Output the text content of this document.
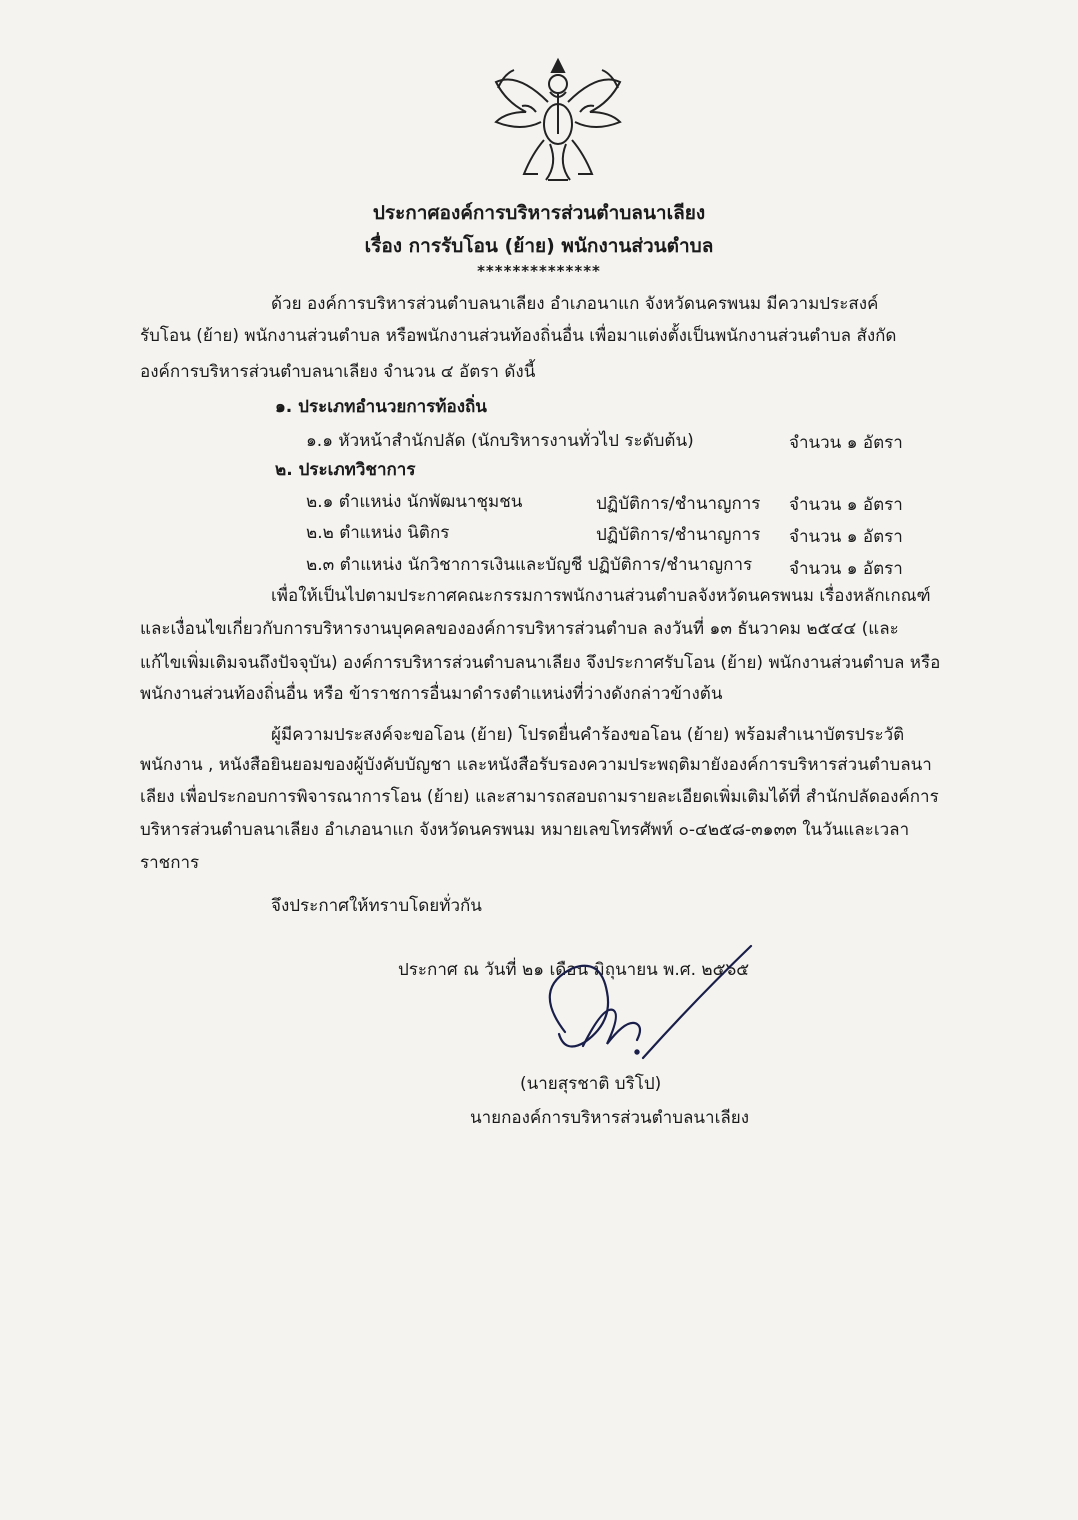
ประกาศองค์การบริหารส่วนตำบลนาเลียง
เรื่อง การรับโอน (ย้าย) พนักงานส่วนตำบล
**************
ด้วย องค์การบริหารส่วนตำบลนาเลียง อำเภอนาแก จังหวัดนครพนม มีความประสงค์
รับโอน (ย้าย) พนักงานส่วนตำบล หรือพนักงานส่วนท้องถิ่นอื่น เพื่อมาแต่งตั้งเป็นพนักงานส่วนตำบล สังกัด
องค์การบริหารส่วนตำบลนาเลียง จำนวน ๔ อัตรา ดังนี้
๑. ประเภทอำนวยการท้องถิ่น
๑.๑ หัวหน้าสำนักปลัด (นักบริหารงานทั่วไป ระดับต้น)	จำนวน ๑ อัตรา
๒. ประเภทวิชาการ
๒.๑ ตำแหน่ง นักพัฒนาชุมชน	ปฏิบัติการ/ชำนาญการ จำนวน ๑ อัตรา
๒.๒ ตำแหน่ง นิติกร	ปฏิบัติการ/ชำนาญการ จำนวน ๑ อัตรา
๒.๓ ตำแหน่ง นักวิชาการเงินและบัญชี ปฏิบัติการ/ชำนาญการ จำนวน ๑ อัตรา
เพื่อให้เป็นไปตามประกาศคณะกรรมการพนักงานส่วนตำบลจังหวัดนครพนม เรื่องหลักเกณฑ์
และเงื่อนไขเกี่ยวกับการบริหารงานบุคคลขององค์การบริหารส่วนตำบล ลงวันที่ ๑๓ ธันวาคม ๒๕๔๔ (และ
แก้ไขเพิ่มเติมจนถึงปัจจุบัน) องค์การบริหารส่วนตำบลนาเลียง จึงประกาศรับโอน (ย้าย) พนักงานส่วนตำบล หรือ
พนักงานส่วนท้องถิ่นอื่น หรือ ข้าราชการอื่นมาดำรงตำแหน่งที่ว่างดังกล่าวข้างต้น
ผู้มีความประสงค์จะขอโอน (ย้าย) โปรดยื่นคำร้องขอโอน (ย้าย) พร้อมสำเนาบัตรประวัติ
พนักงาน , หนังสือยินยอมของผู้บังคับบัญชา และหนังสือรับรองความประพฤติมายังองค์การบริหารส่วนตำบลนา
เลียง เพื่อประกอบการพิจารณาการโอน (ย้าย) และสามารถสอบถามรายละเอียดเพิ่มเติมได้ที่ สำนักปลัดองค์การ
บริหารส่วนตำบลนาเลียง อำเภอนาแก จังหวัดนครพนม หมายเลขโทรศัพท์ ๐-๔๒๕๘-๓๑๓๓ ในวันและเวลา
ราชการ
จึงประกาศให้ทราบโดยทั่วกัน
ประกาศ ณ วันที่ ๒๑ เดือน มิถุนายน พ.ศ. ๒๕๖๕
(นายสุรชาติ บริโป)
นายกองค์การบริหารส่วนตำบลนาเลียง
